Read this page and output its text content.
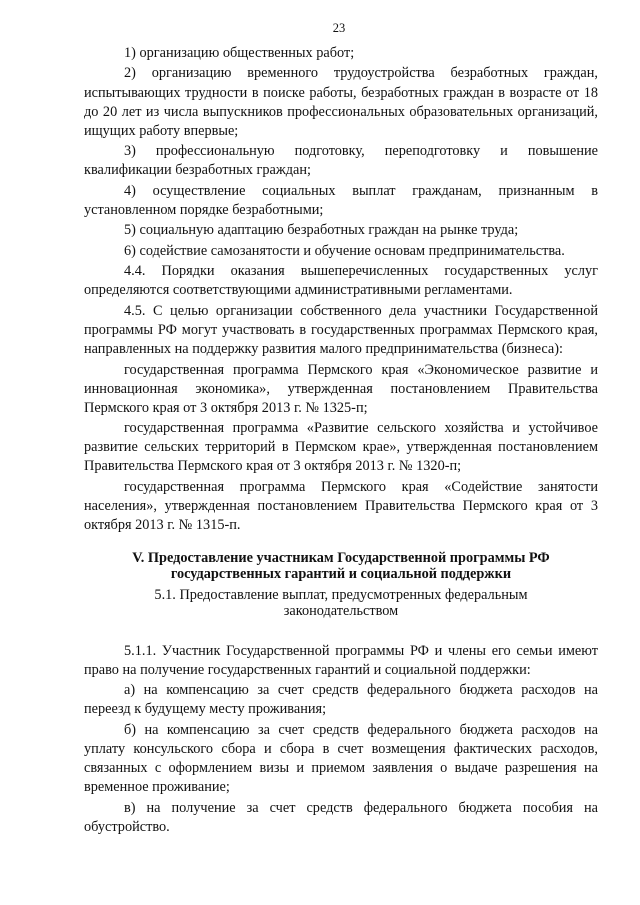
23

1) организацию общественных работ;

2) организацию временного трудоустройства безработных граждан, испытывающих трудности в поиске работы, безработных граждан в возрасте от 18 до 20 лет из числа выпускников профессиональных образовательных организаций, ищущих работу впервые;

3) профессиональную подготовку, переподготовку и повышение квалификации безработных граждан;

4) осуществление социальных выплат гражданам, признанным в установленном порядке безработными;

5) социальную адаптацию безработных граждан на рынке труда;

6) содействие самозанятости и обучение основам предпринимательства.

4.4. Порядки оказания вышеперечисленных государственных услуг определяются соответствующими административными регламентами.

4.5. С целью организации собственного дела участники Государственной программы РФ могут участвовать в государственных программах Пермского края, направленных на поддержку развития малого предпринимательства (бизнеса):

государственная программа Пермского края «Экономическое развитие и инновационная экономика», утвержденная постановлением Правительства Пермского края от 3 октября 2013 г. № 1325-п;

государственная программа «Развитие сельского хозяйства и устойчивое развитие сельских территорий в Пермском крае», утвержденная постановлением Правительства Пермского края от 3 октября 2013 г. № 1320-п;

государственная программа Пермского края «Содействие занятости населения», утвержденная постановлением Правительства Пермского края от 3 октября 2013 г. № 1315-п.

V. Предоставление участникам Государственной программы РФ государственных гарантий и социальной поддержки
5.1. Предоставление выплат, предусмотренных федеральным законодательством

5.1.1. Участник Государственной программы РФ и члены его семьи имеют право на получение государственных гарантий и социальной поддержки:

а) на компенсацию за счет средств федерального бюджета расходов на переезд к будущему месту проживания;

б) на компенсацию за счет средств федерального бюджета расходов на уплату консульского сбора и сбора в счет возмещения фактических расходов, связанных с оформлением визы и приемом заявления о выдаче разрешения на временное проживание;

в) на получение за счет средств федерального бюджета пособия на обустройство.
